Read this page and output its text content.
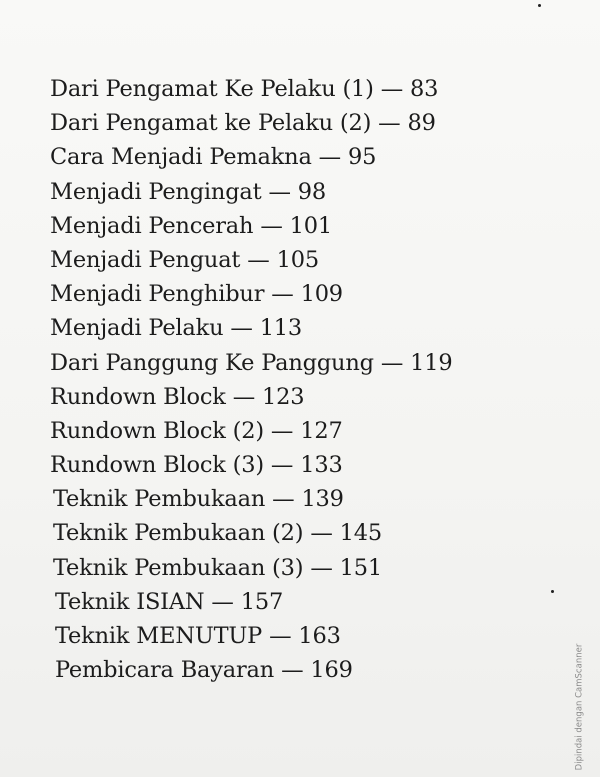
Dari Pengamat Ke Pelaku (1) — 83
Dari Pengamat ke Pelaku (2) — 89
Cara Menjadi Pemakna — 95
Menjadi Pengingat — 98
Menjadi Pencerah — 101
Menjadi Penguat — 105
Menjadi Penghibur — 109
Menjadi Pelaku — 113
Dari Panggung Ke Panggung — 119
Rundown Block — 123
Rundown Block (2) — 127
Rundown Block (3) — 133
Teknik Pembukaan — 139
Teknik Pembukaan (2) — 145
Teknik Pembukaan (3) — 151
Teknik ISIAN — 157
Teknik MENUTUP — 163
Pembicara Bayaran — 169	Dipindai dengan CamScanner
